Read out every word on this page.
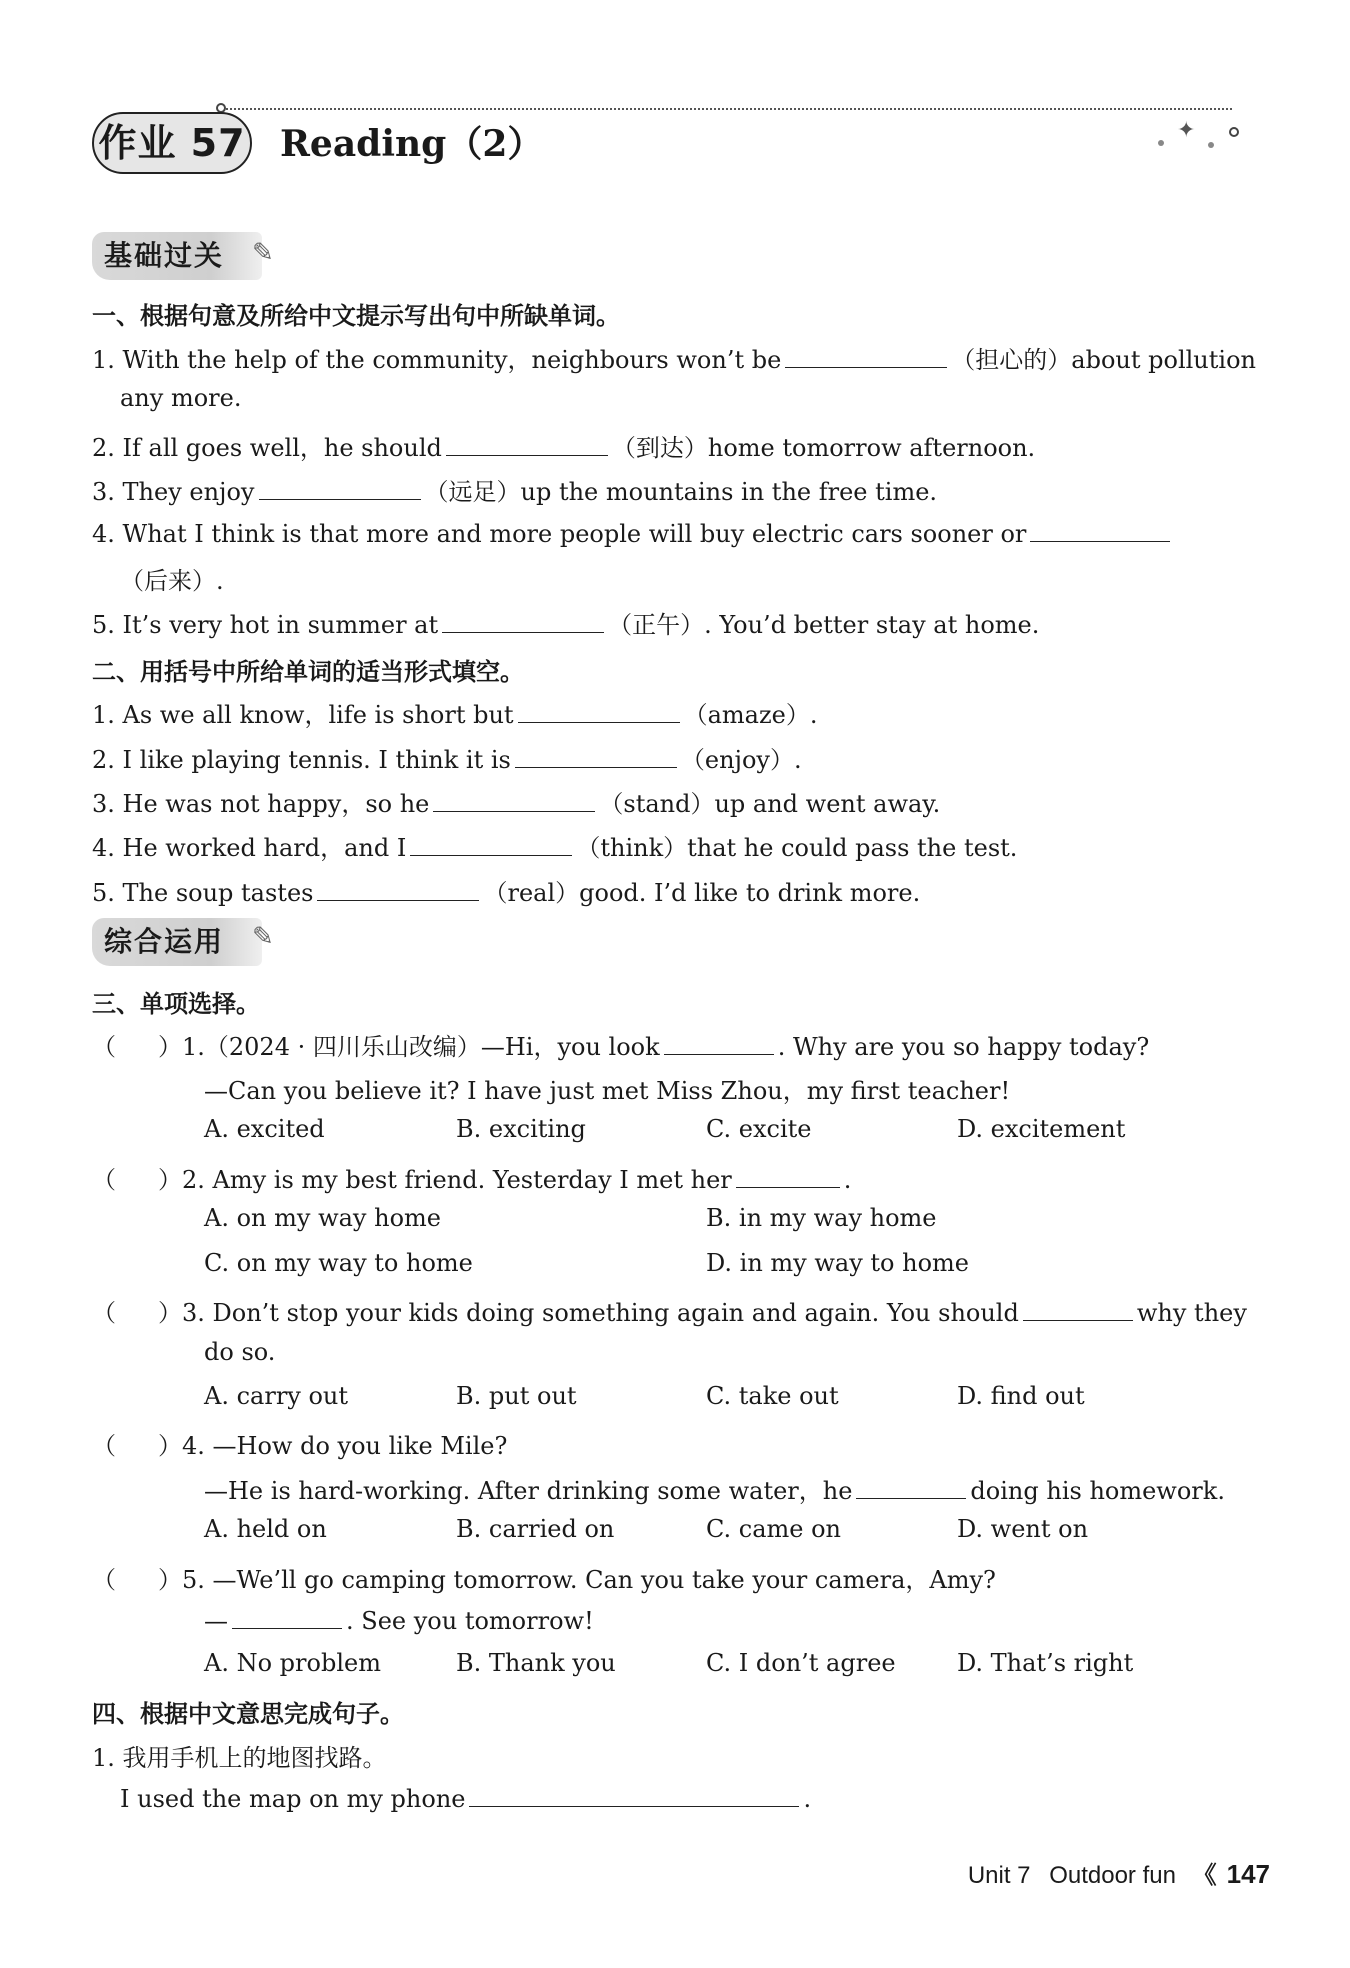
✦
作业 57 Reading（2）
基础过关	✎
一、根据句意及所给中文提示写出句中所缺单词。
1. With the help of the community，neighbours won’t be	（担心的）about pollution
any more.
2. If all goes well，he should	（到达）home tomorrow afternoon.
3. They enjoy	（远足）up the mountains in the free time.
4. What I think is that more and more people will buy electric cars sooner or
（后来）.
5. It’s very hot in summer at	（正午）. You’d better stay at home.
二、用括号中所给单词的适当形式填空。
1. As we all know，life is short but	（amaze）.
2. I like playing tennis. I think it is	（enjoy）.
3. He was not happy，so he	（stand）up and went away.
4. He worked hard，and I	（think）that he could pass the test.
5. The soup tastes	（real）good. I’d like to drink more.
综合运用	✎
三、单项选择。
（ ）1.（2024 · 四川乐山改编）—Hi，you look	. Why are you so happy today?
—Can you believe it? I have just met Miss Zhou，my first teacher!
A. excited	B. exciting	C. excite	D. excitement
（ ）2. Amy is my best friend. Yesterday I met her	.
A. on my way home	B. in my way home
C. on my way to home	D. in my way to home
（ ）3. Don’t stop your kids doing something again and again. You should	why they
do so.
A. carry out	B. put out	C. take out	D. find out
（ ）4. —How do you like Mile?
—He is hard-working. After drinking some water，he	doing his homework.
A. held on	B. carried on	C. came on	D. went on
（ ）5. —We’ll go camping tomorrow. Can you take your camera，Amy?
—	. See you tomorrow!
A. No problem	B. Thank you	C. I don’t agree	D. That’s right
四、根据中文意思完成句子。
1. 我用手机上的地图找路。
I used the map on my phone	.
Unit 7 Outdoor fun 《 147
